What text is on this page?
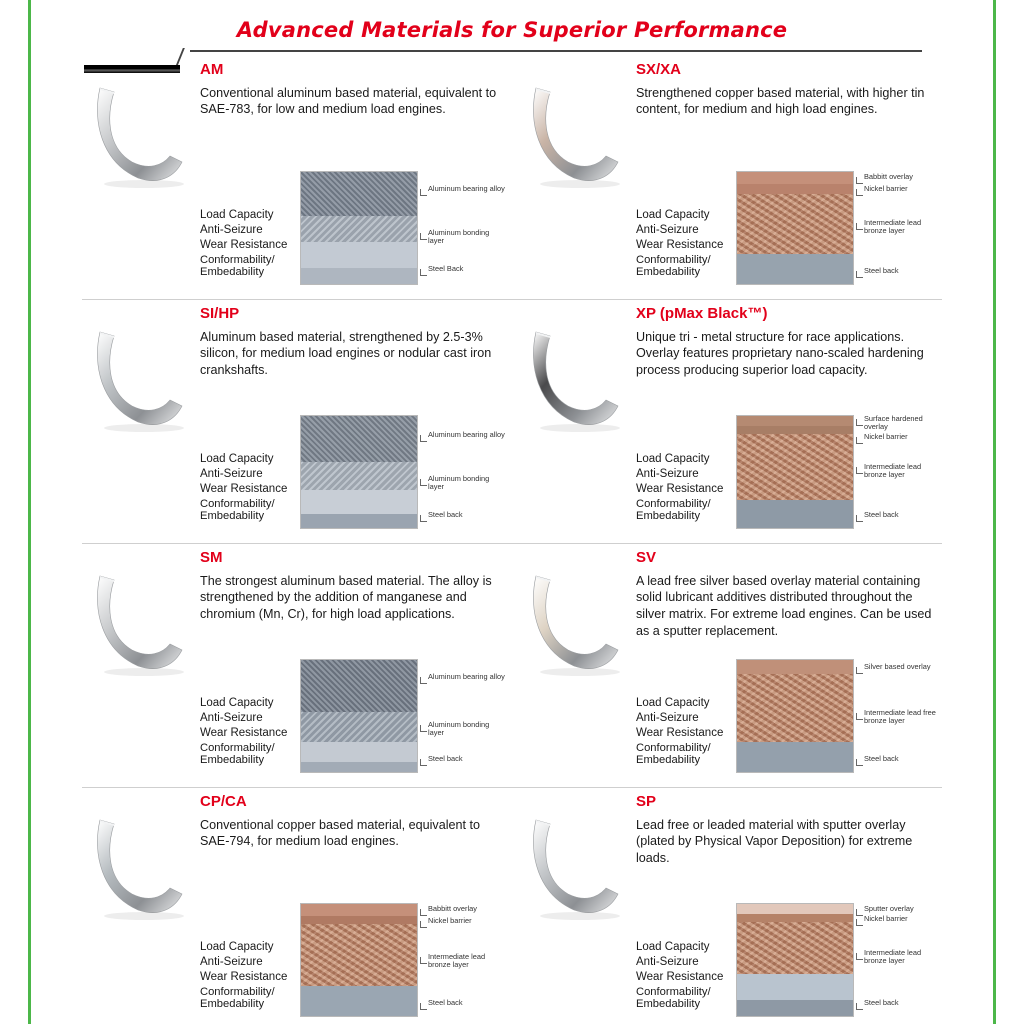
Advanced Materials for Superior Performance
AM
Conventional aluminum based material, equivalent to SAE-783, for low and medium load engines.
Load Capacity
Anti-Seizure
Wear Resistance
Conformability/
Embedability
Aluminum bearing alloy
Aluminum bonding layer
Steel Back
SX/XA
Strengthened copper based material, with higher tin content, for medium and high load engines.
Load Capacity
Anti-Seizure
Wear Resistance
Conformability/
Embedability
Babbitt overlay
Nickel barrier
Intermediate lead bronze layer
Steel back
SI/HP
Aluminum based material, strengthened by 2.5-3% silicon, for medium load engines or nodular cast iron crankshafts.
Load Capacity
Anti-Seizure
Wear Resistance
Conformability/
Embedability
Aluminum bearing alloy
Aluminum bonding layer
Steel back
XP (pMax Black™)
Unique tri - metal structure for race applications. Overlay features proprietary nano-scaled hardening process producing superior load capacity.
Load Capacity
Anti-Seizure
Wear Resistance
Conformability/
Embedability
Surface hardened overlay
Nickel barrier
Intermediate lead bronze layer
Steel back
SM
The strongest aluminum based material. The alloy is strengthened by the addition of manganese and chromium (Mn, Cr), for high load applications.
Load Capacity
Anti-Seizure
Wear Resistance
Conformability/
Embedability
Aluminum bearing alloy
Aluminum bonding layer
Steel back
SV
A lead free silver based overlay material containing solid lubricant additives distributed throughout the silver matrix. For extreme load engines. Can be used as a sputter replacement.
Load Capacity
Anti-Seizure
Wear Resistance
Conformability/
Embedability
Silver based overlay
Intermediate lead free bronze layer
Steel back
CP/CA
Conventional copper based material, equivalent to SAE-794, for medium load engines.
Load Capacity
Anti-Seizure
Wear Resistance
Conformability/
Embedability
Babbitt overlay
Nickel barrier
Intermediate lead bronze layer
Steel back
SP
Lead free or leaded material with sputter overlay (plated by Physical Vapor Deposition) for extreme loads.
Load Capacity
Anti-Seizure
Wear Resistance
Conformability/
Embedability
Sputter overlay
Nickel barrier
Intermediate lead bronze layer
Steel back
